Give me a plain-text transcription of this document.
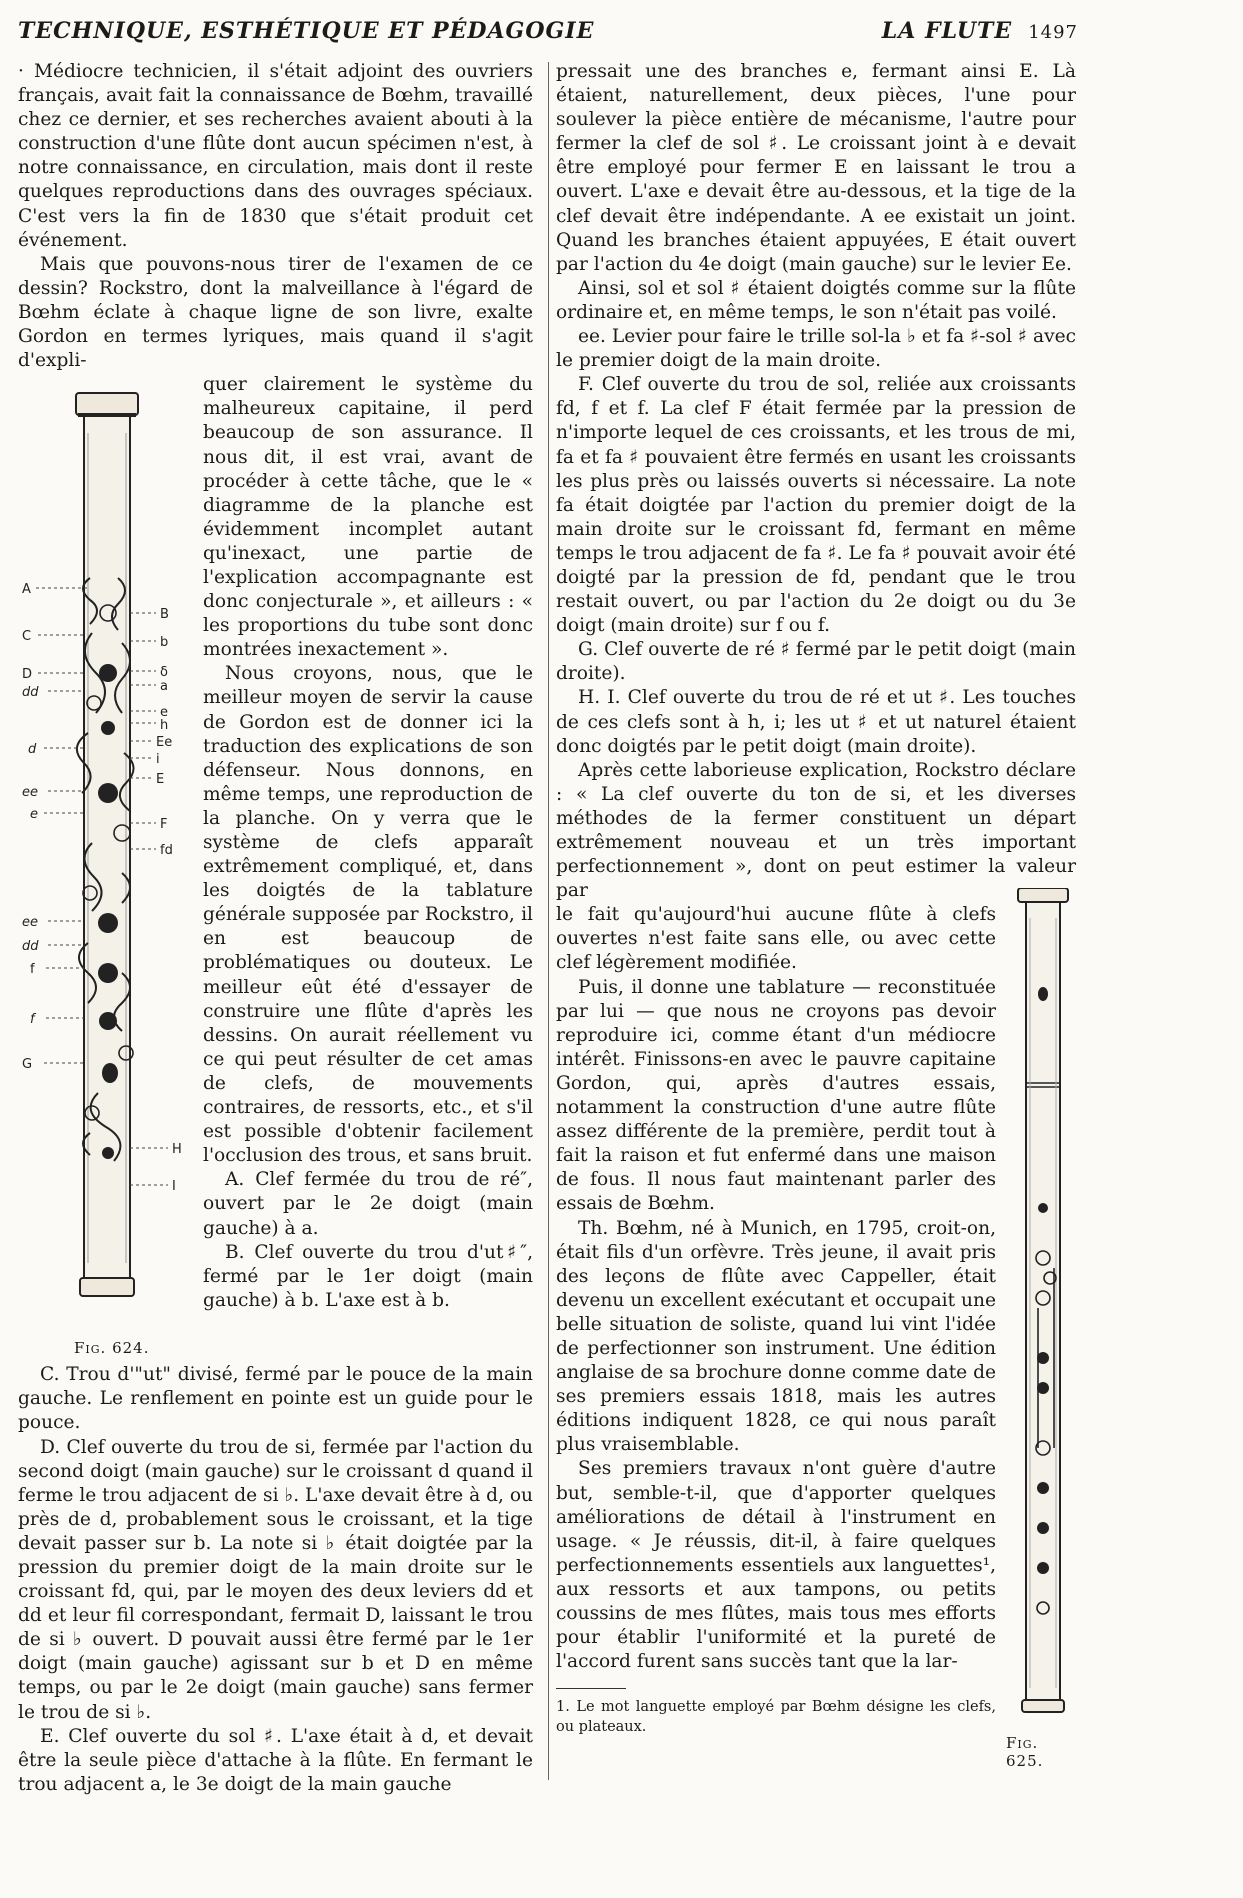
TECHNIQUE, ESTHÉTIQUE ET PÉDAGOGIE	LA FLUTE 1497

· Médiocre technicien, il s'était adjoint des ouvriers français, avait fait la connaissance de Bœhm, travaillé chez ce dernier, et ses recherches avaient abouti à la construction d'une flûte dont aucun spécimen n'est, à notre connaissance, en circulation, mais dont il reste quelques reproductions dans des ouvrages spéciaux. C'est vers la fin de 1830 que s'était produit cet événement.

Mais que pouvons-nous tirer de l'examen de ce dessin? Rockstro, dont la malveillance à l'égard de Bœhm éclate à chaque ligne de son livre, exalte Gordon en termes lyriques, mais quand il s'agit d'expli-

A
C
D
dd
d
ee
e
ee
dd
f
f
G
B
b
δ
a
e
h
Ee
i
E
F
fd
H
I
Fig. 624.

quer clairement le système du malheureux capitaine, il perd beaucoup de son assurance. Il nous dit, il est vrai, avant de procéder à cette tâche, que le « diagramme de la planche est évidemment incomplet autant qu'inexact, une partie de l'explication accompagnante est donc conjecturale », et ailleurs : « les proportions du tube sont donc montrées inexactement ».

Nous croyons, nous, que le meilleur moyen de servir la cause de Gordon est de donner ici la traduction des explications de son défenseur. Nous donnons, en même temps, une reproduction de la planche. On y verra que le système de clefs apparaît extrêmement compliqué, et, dans les doigtés de la tablature générale supposée par Rockstro, il en est beaucoup de problématiques ou douteux. Le meilleur eût été d'essayer de construire une flûte d'après les dessins. On aurait réellement vu ce qui peut résulter de cet amas de clefs, de mouvements contraires, de ressorts, etc., et s'il est possible d'obtenir facilement l'occlusion des trous, et sans bruit.

A. Clef fermée du trou de ré″, ouvert par le 2e doigt (main gauche) à a.

B. Clef ouverte du trou d'ut♯″, fermé par le 1er doigt (main gauche) à b. L'axe est à b.

C. Trou d'"ut" divisé, fermé par le pouce de la main gauche. Le renflement en pointe est un guide pour le pouce.

D. Clef ouverte du trou de si, fermée par l'action du second doigt (main gauche) sur le croissant d quand il ferme le trou adjacent de si ♭. L'axe devait être à d, ou près de d, probablement sous le croissant, et la tige devait passer sur b. La note si ♭ était doigtée par la pression du premier doigt de la main droite sur le croissant fd, qui, par le moyen des deux leviers dd et dd et leur fil correspondant, fermait D, laissant le trou de si ♭ ouvert. D pouvait aussi être fermé par le 1er doigt (main gauche) agissant sur b et D en même temps, ou par le 2e doigt (main gauche) sans fermer le trou de si ♭.

E. Clef ouverte du sol ♯. L'axe était à d, et devait être la seule pièce d'attache à la flûte. En fermant le trou adjacent a, le 3e doigt de la main gauche

pressait une des branches e, fermant ainsi E. Là étaient, naturellement, deux pièces, l'une pour soulever la pièce entière de mécanisme, l'autre pour fermer la clef de sol ♯. Le croissant joint à e devait être employé pour fermer E en laissant le trou a ouvert. L'axe e devait être au-dessous, et la tige de la clef devait être indépendante. A ee existait un joint. Quand les branches étaient appuyées, E était ouvert par l'action du 4e doigt (main gauche) sur le levier Ee.

Ainsi, sol et sol ♯ étaient doigtés comme sur la flûte ordinaire et, en même temps, le son n'était pas voilé.

ee. Levier pour faire le trille sol-la ♭ et fa ♯-sol ♯ avec le premier doigt de la main droite.

F. Clef ouverte du trou de sol, reliée aux croissants fd, f et f. La clef F était fermée par la pression de n'importe lequel de ces croissants, et les trous de mi, fa et fa ♯ pouvaient être fermés en usant les croissants les plus près ou laissés ouverts si nécessaire. La note fa était doigtée par l'action du premier doigt de la main droite sur le croissant fd, fermant en même temps le trou adjacent de fa ♯. Le fa ♯ pouvait avoir été doigté par la pression de fd, pendant que le trou restait ouvert, ou par l'action du 2e doigt ou du 3e doigt (main droite) sur f ou f.

G. Clef ouverte de ré ♯ fermé par le petit doigt (main droite).

H. I. Clef ouverte du trou de ré et ut ♯. Les touches de ces clefs sont à h, i; les ut ♯ et ut naturel étaient donc doigtés par le petit doigt (main droite).

Après cette laborieuse explication, Rockstro déclare : « La clef ouverte du ton de si, et les diverses méthodes de la fermer constituent un départ extrêmement nouveau et un très important perfectionnement », dont on peut estimer la valeur par

le fait qu'aujourd'hui aucune flûte à clefs ouvertes n'est faite sans elle, ou avec cette clef légèrement modifiée.

Puis, il donne une tablature — reconstituée par lui — que nous ne croyons pas devoir reproduire ici, comme étant d'un médiocre intérêt. Finissons-en avec le pauvre capitaine Gordon, qui, après d'autres essais, notamment la construction d'une autre flûte assez différente de la première, perdit tout à fait la raison et fut enfermé dans une maison de fous. Il nous faut maintenant parler des essais de Bœhm.

Th. Bœhm, né à Munich, en 1795, croit-on, était fils d'un orfèvre. Très jeune, il avait pris des leçons de flûte avec Cappeller, était devenu un excellent exécutant et occupait une belle situation de soliste, quand lui vint l'idée de perfectionner son instrument. Une édition anglaise de sa brochure donne comme date de ses premiers essais 1818, mais les autres éditions indiquent 1828, ce qui nous paraît plus vraisemblable.

Ses premiers travaux n'ont guère d'autre but, semble-t-il, que d'apporter quelques améliorations de détail à l'instrument en usage. « Je réussis, dit-il, à faire quelques perfectionnements essentiels aux languettes¹, aux ressorts et aux tampons, ou petits coussins de mes flûtes, mais tous mes efforts pour établir l'uniformité et la pureté de l'accord furent sans succès tant que la lar-

1. Le mot languette employé par Bœhm désigne les clefs, ou plateaux.

Fig. 625.
